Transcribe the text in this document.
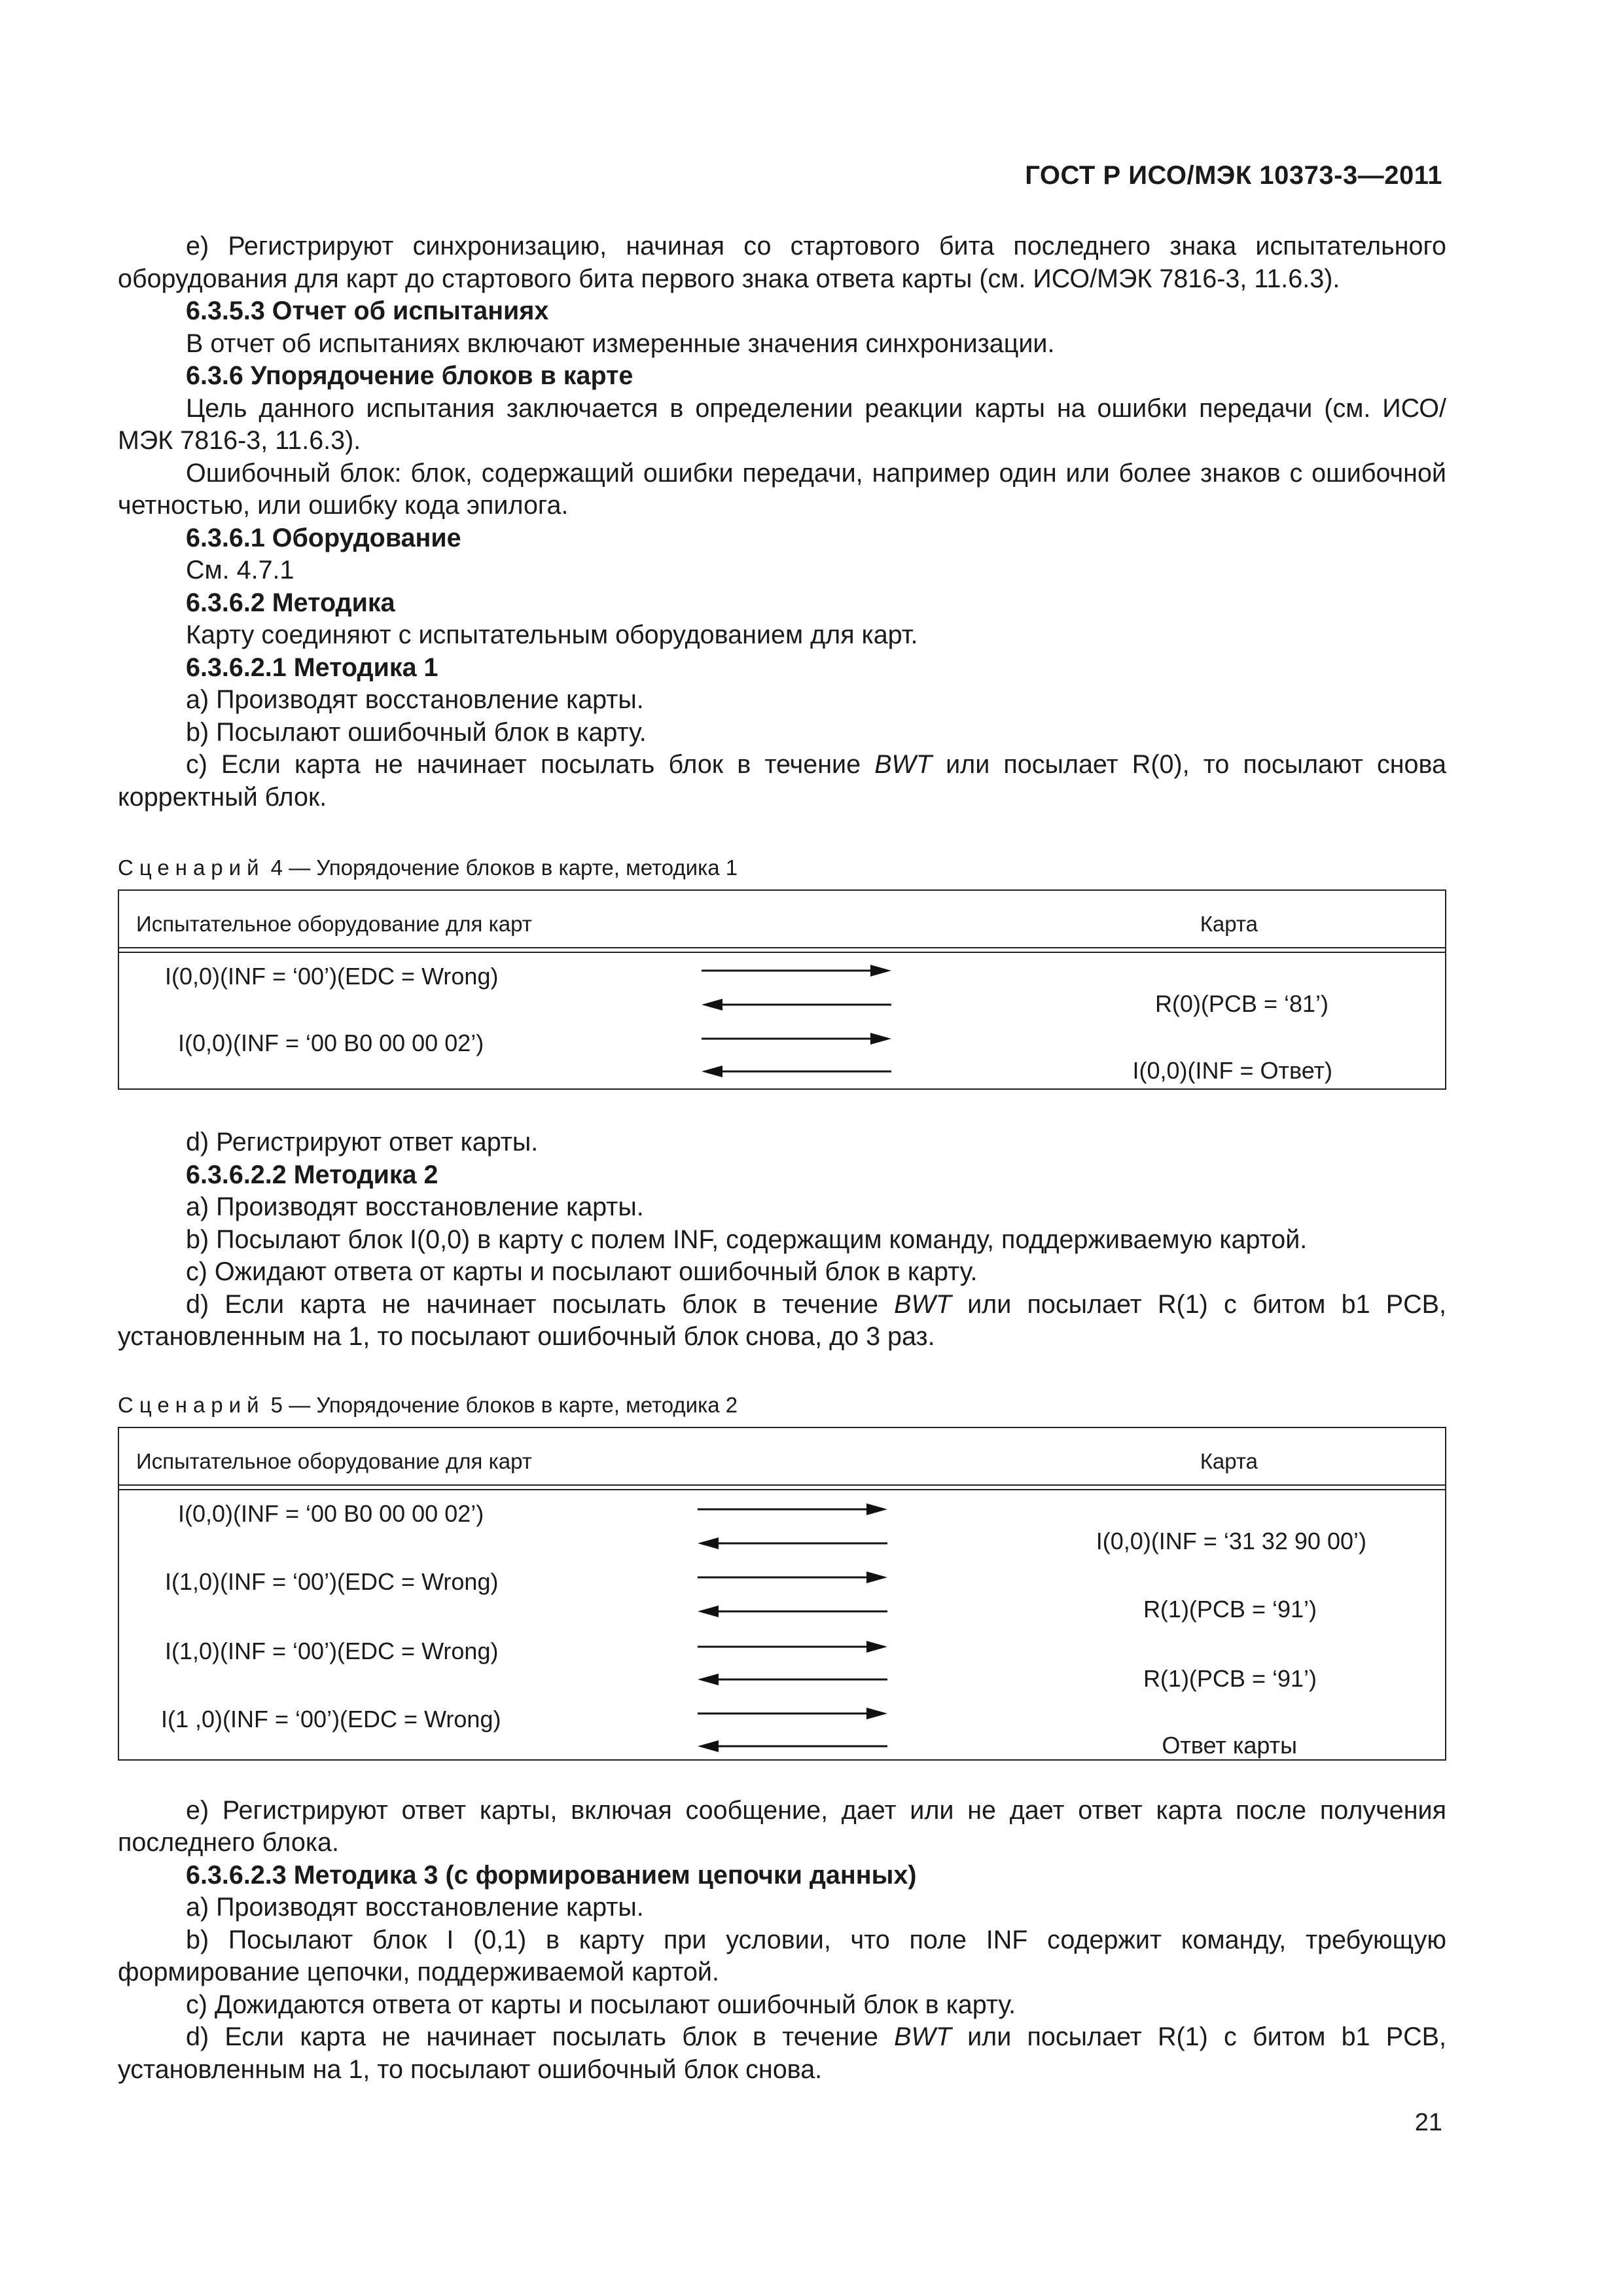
ГОСТ Р ИСО/МЭК 10373-3—2011

e) Регистрируют синхронизацию, начиная со стартового бита последнего знака испытательного оборудования для карт до стартового бита первого знака ответа карты (см. ИСО/МЭК 7816-3, 11.6.3).

6.3.5.3 Отчет об испытаниях

В отчет об испытаниях включают измеренные значения синхронизации.

6.3.6 Упорядочение блоков в карте

Цель данного испытания заключается в определении реакции карты на ошибки передачи (см. ИСО/МЭК 7816-3, 11.6.3).

Ошибочный блок: блок, содержащий ошибки передачи, например один или более знаков с ошибочной четностью, или ошибку кода эпилога.

6.3.6.1 Оборудование

См. 4.7.1

6.3.6.2 Методика

Карту соединяют с испытательным оборудованием для карт.

6.3.6.2.1 Методика 1

a) Производят восстановление карты.

b) Посылают ошибочный блок в карту.

c) Если карта не начинает посылать блок в течение BWT или посылает R(0), то посылают снова корректный блок.

Сценарий 4 — Упорядочение блоков в карте, методика 1

Испытательное оборудование для карт	Карта
I(0,0)(INF = ‘00’)(EDC = Wrong)
I(0,0)(INF = ‘00 B0 00 00 02’)
R(0)(PCB = ‘81’)
I(0,0)(INF = Ответ)

d) Регистрируют ответ карты.

6.3.6.2.2 Методика 2

a) Производят восстановление карты.

b) Посылают блок I(0,0) в карту с полем INF, содержащим команду, поддерживаемую картой.

c) Ожидают ответа от карты и посылают ошибочный блок в карту.

d) Если карта не начинает посылать блок в течение BWT или посылает R(1) с битом b1 PCB, установленным на 1, то посылают ошибочный блок снова, до 3 раз.

Сценарий 5 — Упорядочение блоков в карте, методика 2

Испытательное оборудование для карт	Карта
I(0,0)(INF = ‘00 B0 00 00 02’)
I(1,0)(INF = ‘00’)(EDC = Wrong)
I(1,0)(INF = ‘00’)(EDC = Wrong)
I(1 ,0)(INF = ‘00’)(EDC = Wrong)
I(0,0)(INF = ‘31 32 90 00’)
R(1)(PCB = ‘91’)
R(1)(PCB = ‘91’)
Ответ карты

e) Регистрируют ответ карты, включая сообщение, дает или не дает ответ карта после получения последнего блока.

6.3.6.2.3 Методика 3 (с формированием цепочки данных)

a) Производят восстановление карты.

b) Посылают блок I (0,1) в карту при условии, что поле INF содержит команду, требующую формирование цепочки, поддерживаемой картой.

c) Дожидаются ответа от карты и посылают ошибочный блок в карту.

d) Если карта не начинает посылать блок в течение BWT или посылает R(1) с битом b1 PCB, установленным на 1, то посылают ошибочный блок снова.

21
